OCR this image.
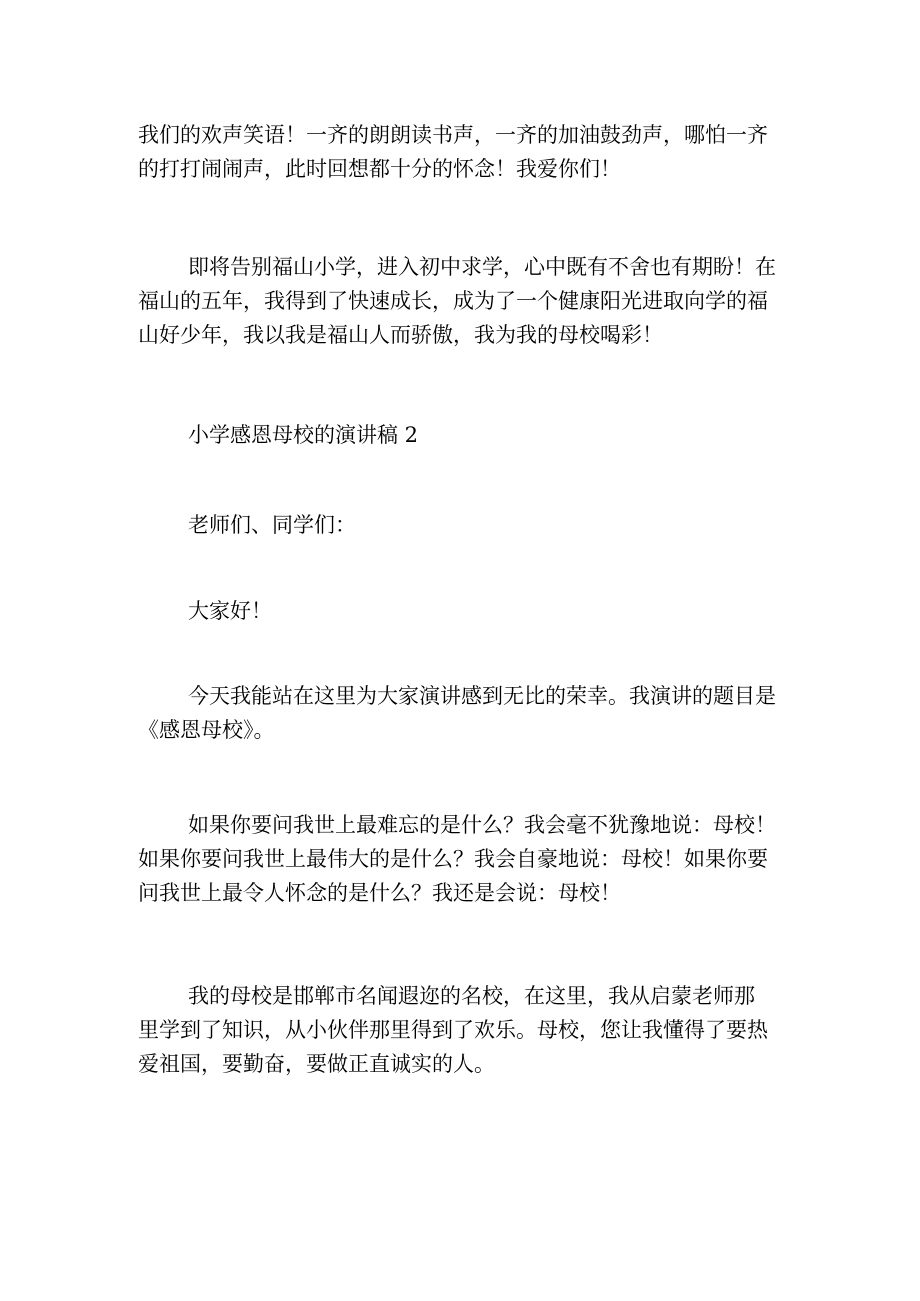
我们的欢声笑语！一齐的朗朗读书声，一齐的加油鼓劲声，哪怕一齐
的打打闹闹声，此时回想都十分的怀念！我爱你们！

即将告别福山小学，进入初中求学，心中既有不舍也有期盼！在
福山的五年，我得到了快速成长，成为了一个健康阳光进取向学的福
山好少年，我以我是福山人而骄傲，我为我的母校喝彩！

小学感恩母校的演讲稿 2

老师们、同学们：

大家好！

今天我能站在这里为大家演讲感到无比的荣幸。我演讲的题目是
《感恩母校》。

如果你要问我世上最难忘的是什么？我会毫不犹豫地说：母校！
如果你要问我世上最伟大的是什么？我会自豪地说：母校！如果你要
问我世上最令人怀念的是什么？我还是会说：母校！

我的母校是邯郸市名闻遐迩的名校，在这里，我从启蒙老师那
里学到了知识，从小伙伴那里得到了欢乐。母校，您让我懂得了要热
爱祖国，要勤奋，要做正直诚实的人。
